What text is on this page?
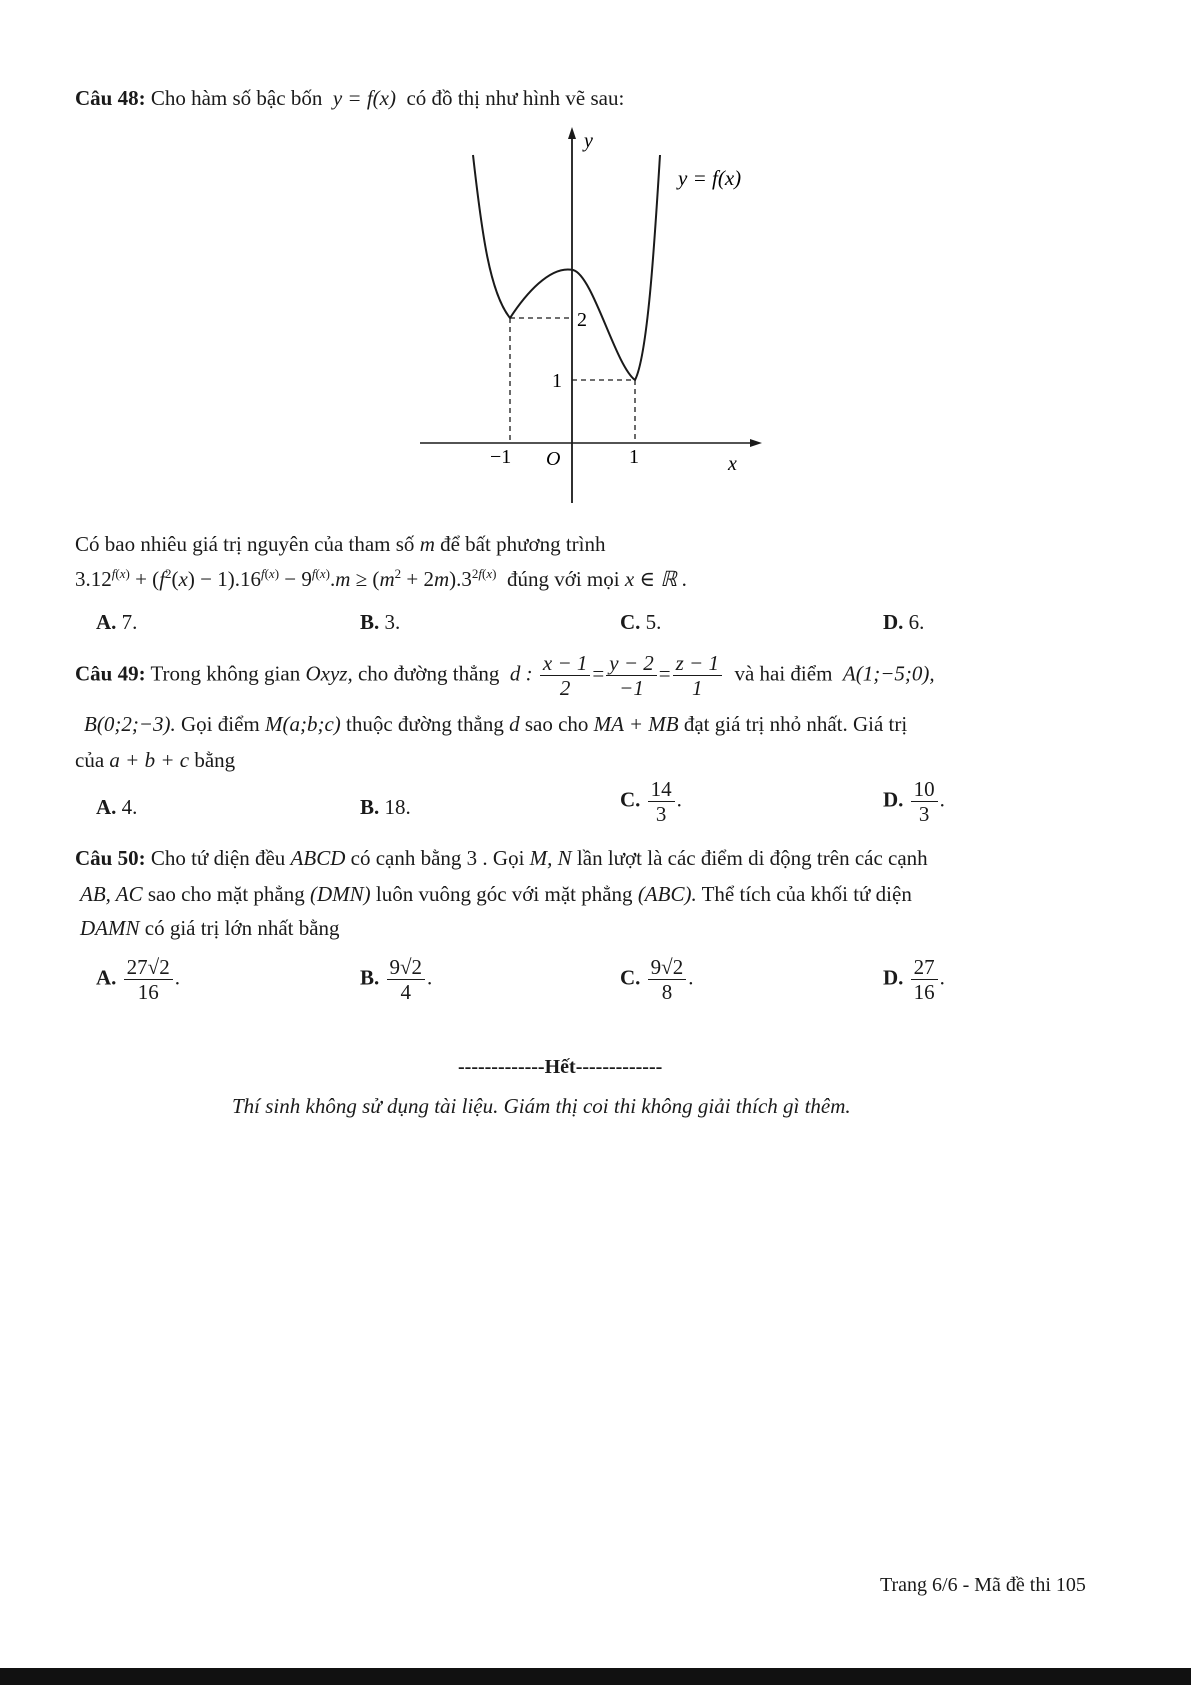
Câu 48: Cho hàm số bậc bốn y = f(x) có đồ thị như hình vẽ sau:
y
x
O
y = f(x)
−1	1
1
2
Có bao nhiêu giá trị nguyên của tham số m để bất phương trình
$3.12^{f(x)} + (f^2(x) - 1).16^{f(x)} - 9^{f(x)}.m \ge (m^2 + 2m).3^{2f(x)}$ đúng với mọi x ∈ ℝ .
A. 7.	B. 3.	C. 5.	D. 6.
Câu 49: Trong không gian Oxyz, cho đường thẳng d : $\frac{x - 1}{2} = \frac{y - 2}{-1} = \frac{z - 1}{1}$ và hai điểm A(1;−5;0),
B(0;2;−3). Gọi điểm M(a;b;c) thuộc đường thẳng d sao cho MA + MB đạt giá trị nhỏ nhất. Giá trị
của a + b + c bằng
A. 4.	B. 18.	C. $\frac{14}{3}$ .	D. $\frac{10}{3}$ .
Câu 50: Cho tứ diện đều ABCD có cạnh bằng 3 . Gọi M, N lần lượt là các điểm di động trên các cạnh
AB, AC sao cho mặt phẳng (DMN) luôn vuông góc với mặt phẳng (ABC). Thể tích của khối tứ diện
DAMN có giá trị lớn nhất bằng
A. $\frac{27√2}{16}$ .	B. $\frac{9√2}{4}$ .	C. $\frac{9√2}{8}$ .	D. $\frac{27}{16}$ .
-------------Hết-------------
Thí sinh không sử dụng tài liệu. Giám thị coi thi không giải thích gì thêm.
Trang 6/6 - Mã đề thi 105
